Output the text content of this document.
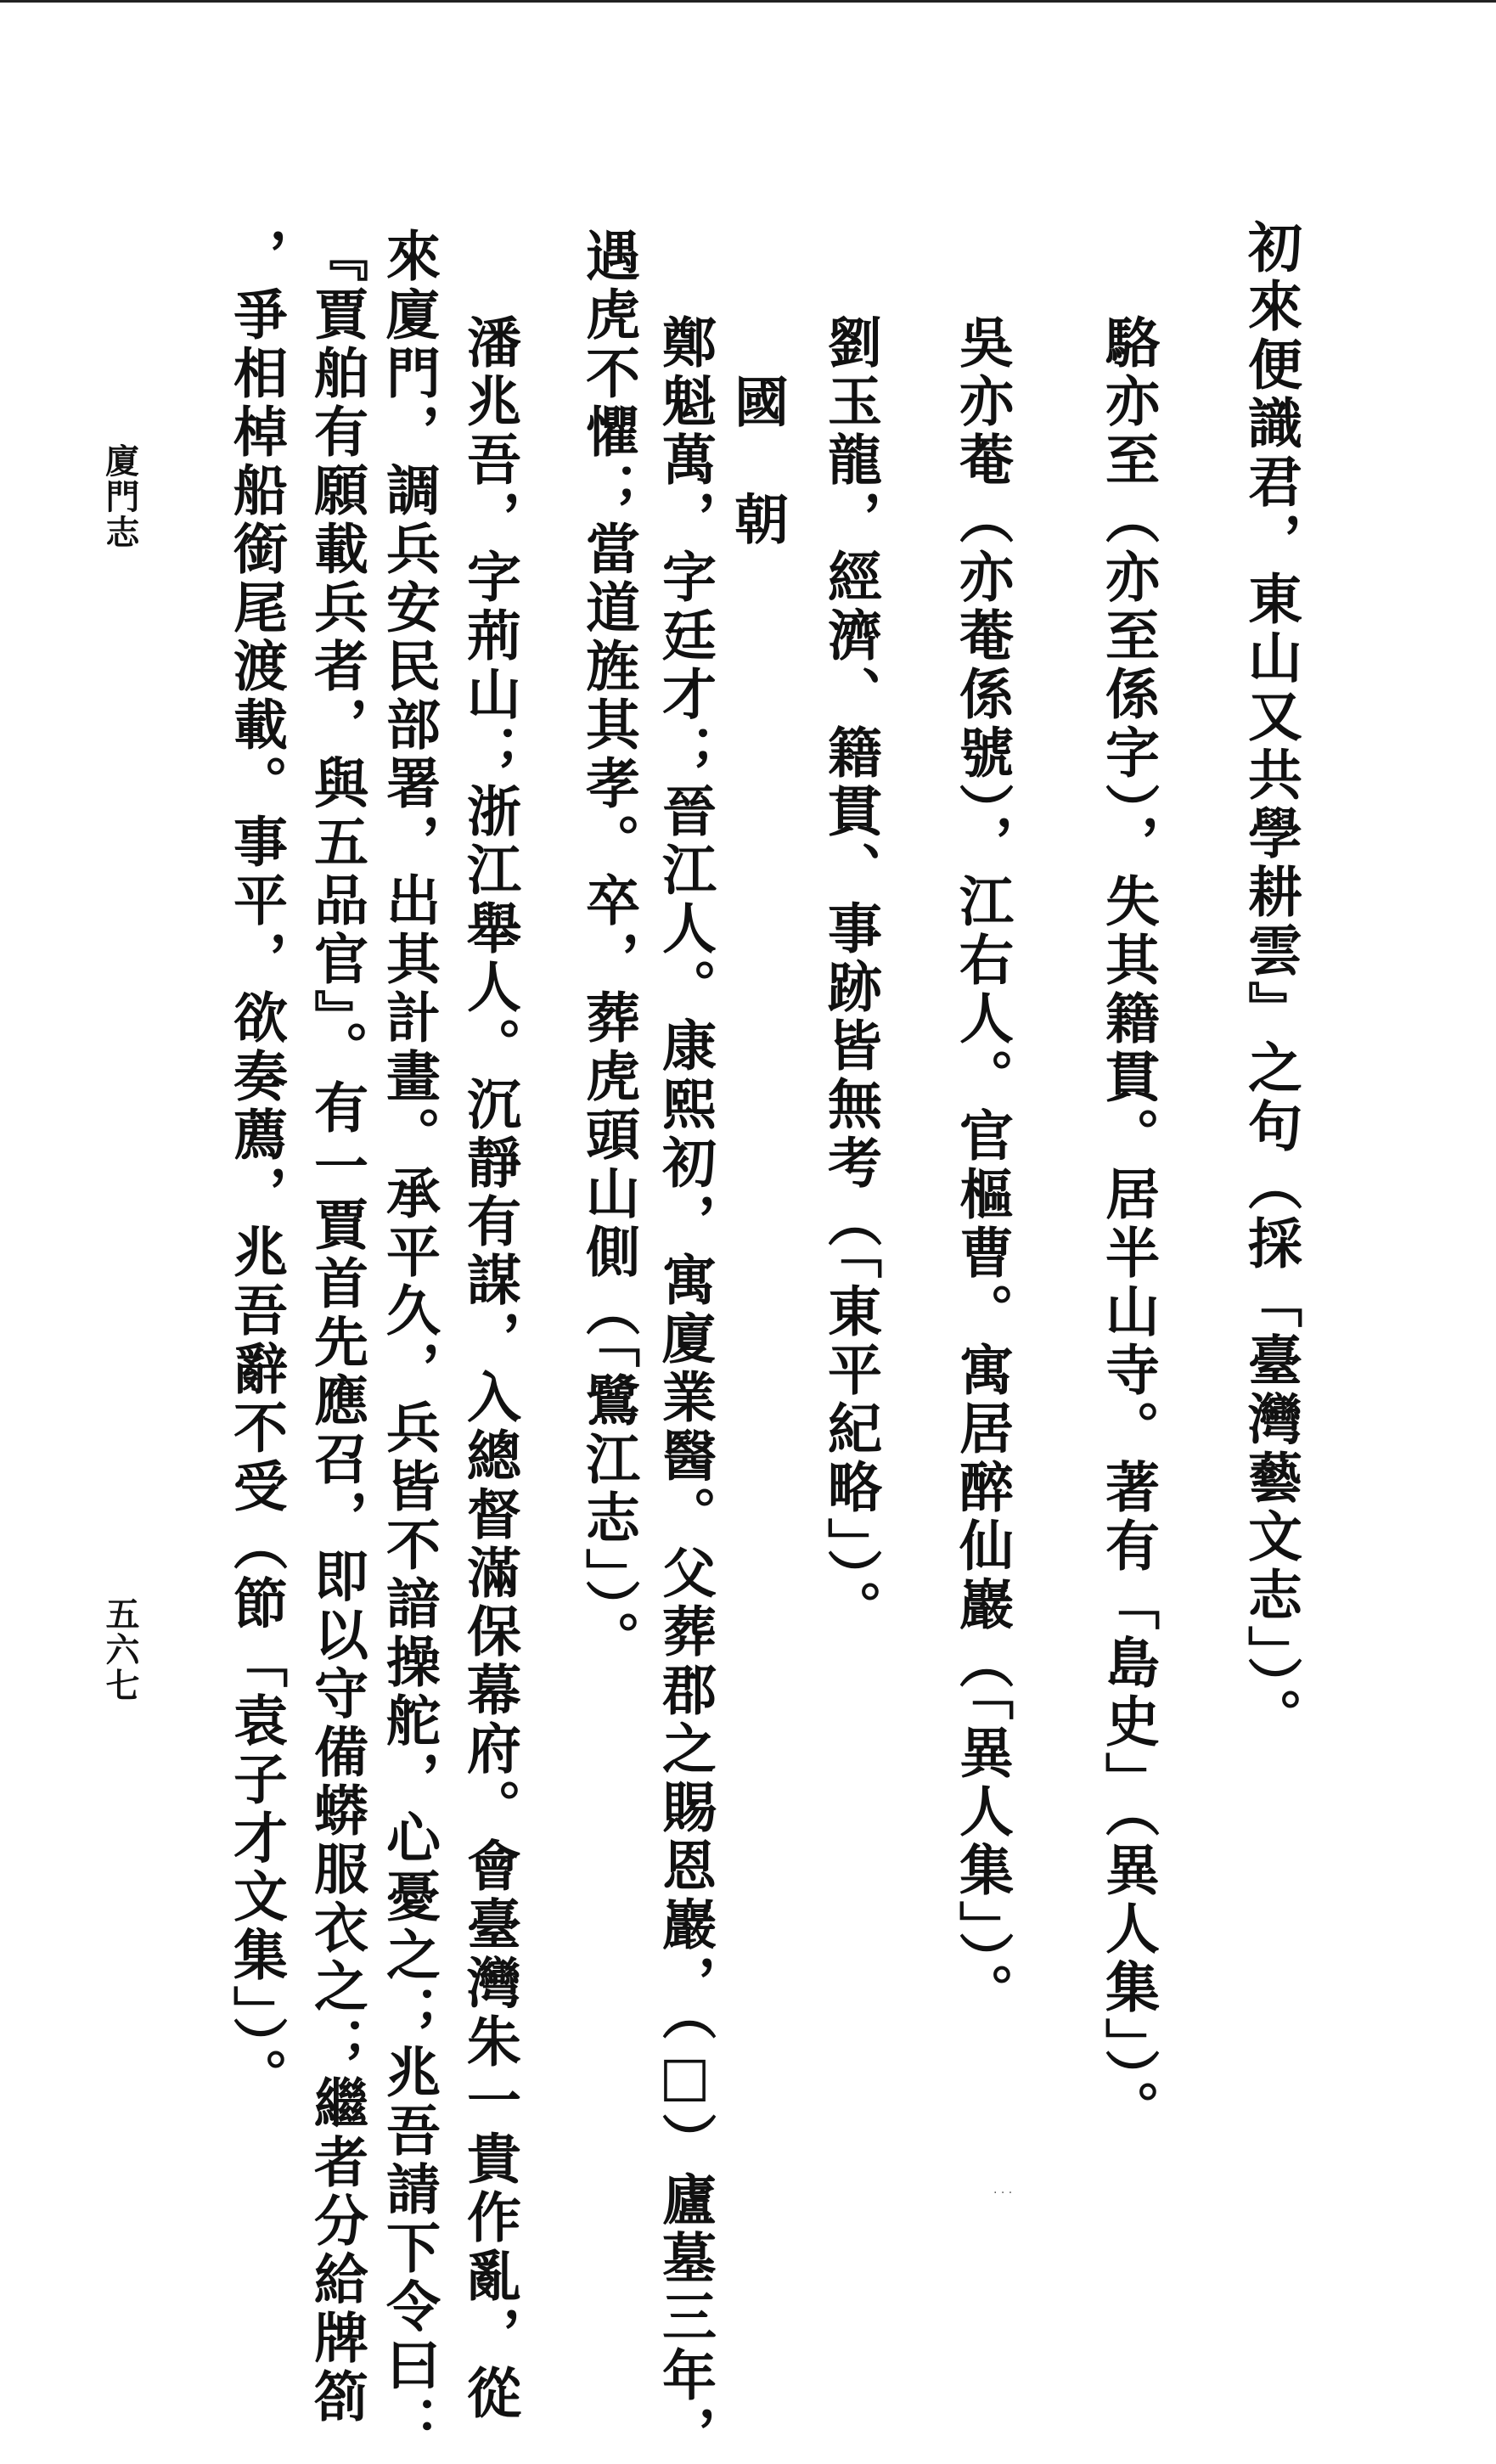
初來便識君，東山又共學耕雲』之句（採「臺灣藝文志」）。
駱亦至（亦至係字），失其籍貫。居半山寺。著有「島史」（異人集」）。
吳亦菴（亦菴係號），江右人。官樞曹。寓居醉仙巖（「異人集」）。
劉玉龍，經濟、籍貫、事跡皆無考（「東平紀略」）。
國　朝
鄭魁萬，字廷才；晉江人。康熙初，寓廈業醫。父葬郡之賜恩巖，（□）廬墓三年，
遇虎不懼；當道旌其孝。卒，葬虎頭山側（「鷺江志」）。
潘兆吾，字荊山；浙江舉人。沉靜有謀，入總督滿保幕府。會臺灣朱一貴作亂，從
來廈門，調兵安民部署，出其計畫。承平久，兵皆不諳操舵，心憂之；兆吾請下令曰：
『賈舶有願載兵者，與五品官』。有一賈首先應召，即以守備蟒服衣之；繼者分給牌箚
，爭相棹船銜尾渡載。事平，欲奏薦，兆吾辭不受（節「袁子才文集」）。
廈門志
五六七
· · ·
